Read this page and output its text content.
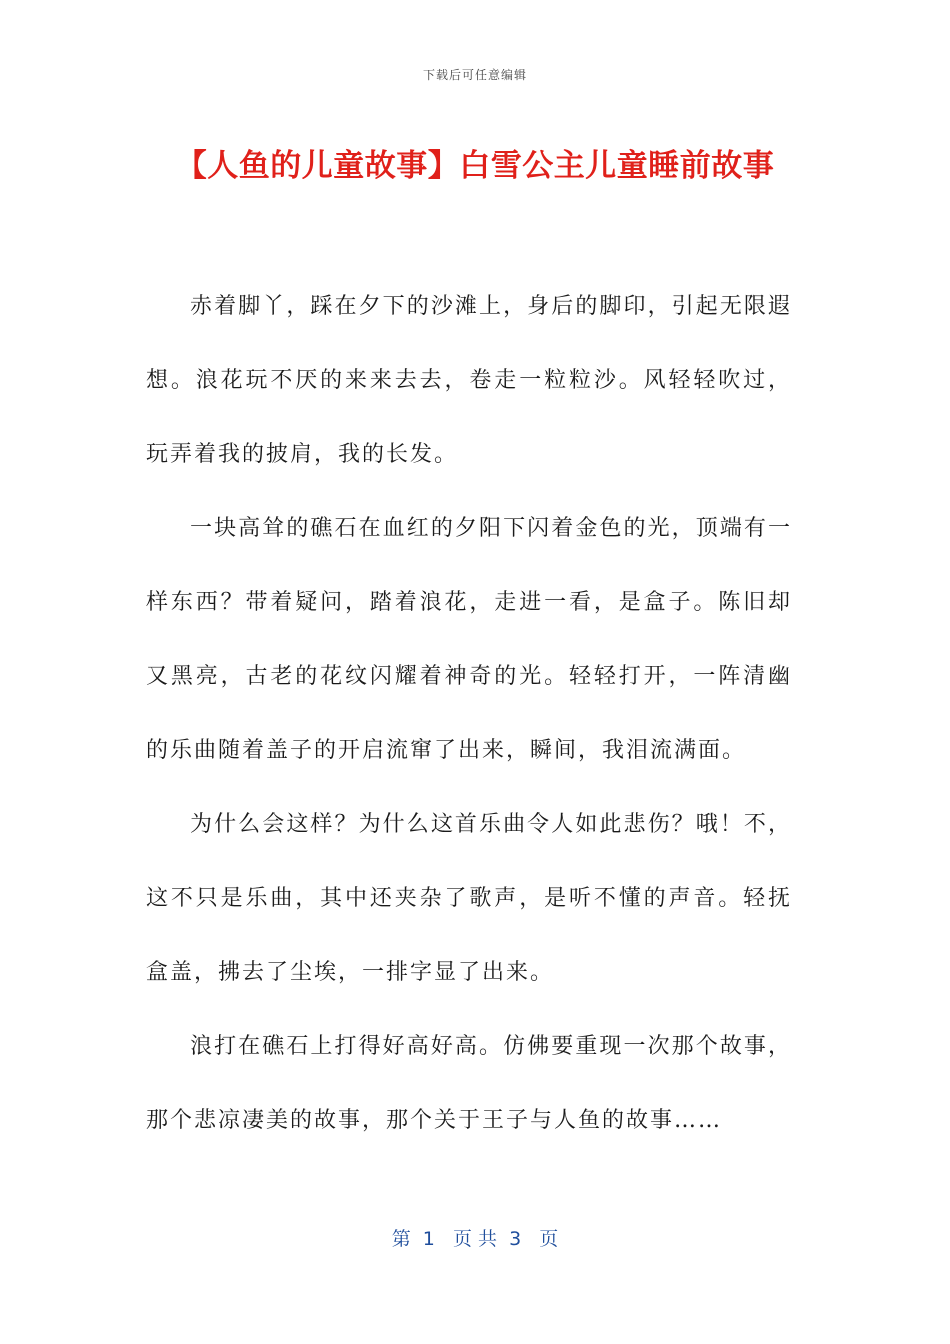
下载后可任意编辑
【人鱼的儿童故事】白雪公主儿童睡前故事

赤着脚丫，踩在夕下的沙滩上，身后的脚印，引起无限遐想。浪花玩不厌的来来去去，卷走一粒粒沙。风轻轻吹过，玩弄着我的披肩，我的长发。

一块高耸的礁石在血红的夕阳下闪着金色的光，顶端有一样东西？带着疑问，踏着浪花，走进一看，是盒子。陈旧却又黑亮，古老的花纹闪耀着神奇的光。轻轻打开，一阵清幽的乐曲随着盖子的开启流窜了出来，瞬间，我泪流满面。

为什么会这样？为什么这首乐曲令人如此悲伤？哦！不，这不只是乐曲，其中还夹杂了歌声，是听不懂的声音。轻抚盒盖，拂去了尘埃，一排字显了出来。

浪打在礁石上打得好高好高。仿佛要重现一次那个故事，那个悲凉凄美的故事，那个关于王子与人鱼的故事……

第  1   页 共  3   页
